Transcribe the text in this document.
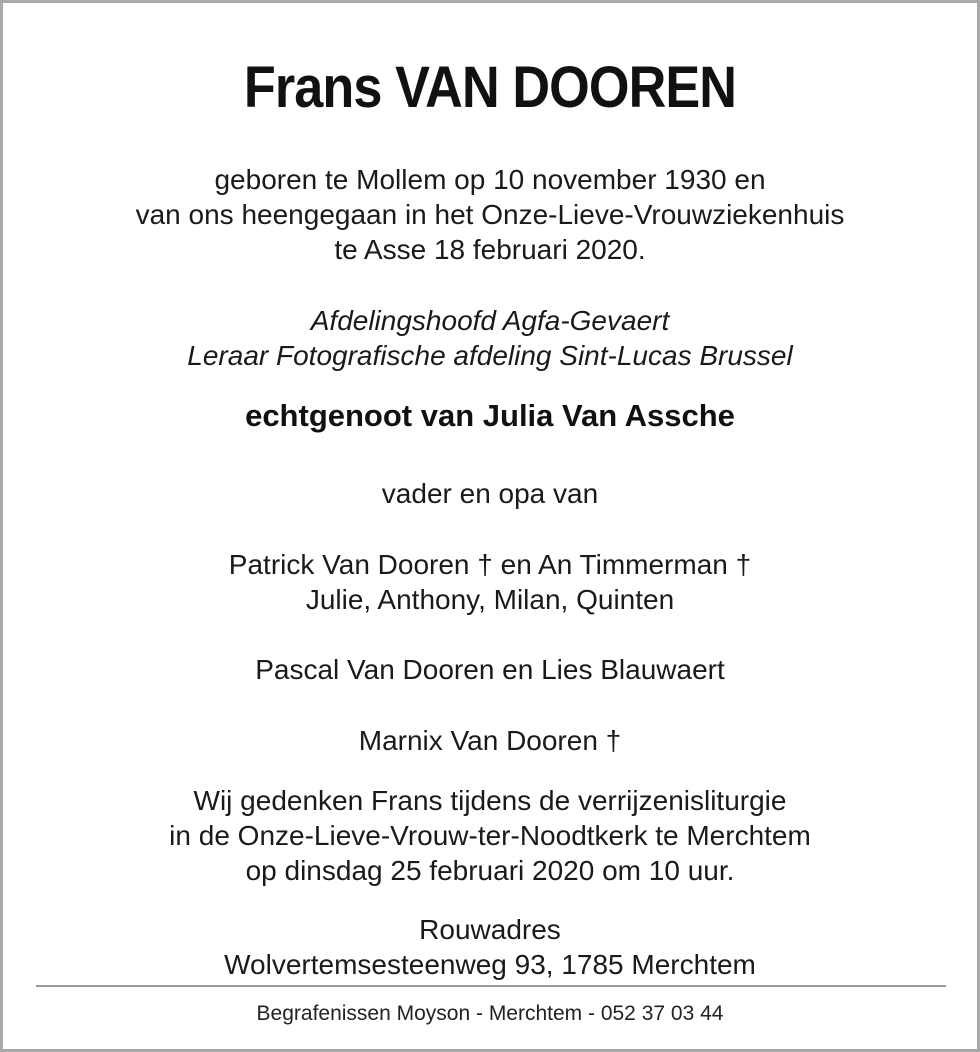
Frans VAN DOOREN

geboren te Mollem op 10 november 1930 en

van ons heengegaan in het Onze-Lieve-Vrouwziekenhuis

te Asse 18 februari 2020.

Afdelingshoofd Agfa-Gevaert

Leraar Fotografische afdeling Sint-Lucas Brussel

echtgenoot van Julia Van Assche

vader en opa van

Patrick Van Dooren † en An Timmerman †

Julie, Anthony, Milan, Quinten

Pascal Van Dooren en Lies Blauwaert

Marnix Van Dooren †

Wij gedenken Frans tijdens de verrijzenisliturgie

in de Onze-Lieve-Vrouw-ter-Noodtkerk te Merchtem

op dinsdag 25 februari 2020 om 10 uur.

Rouwadres

Wolvertemsesteenweg 93, 1785 Merchtem

Begrafenissen Moyson - Merchtem - 052 37 03 44
